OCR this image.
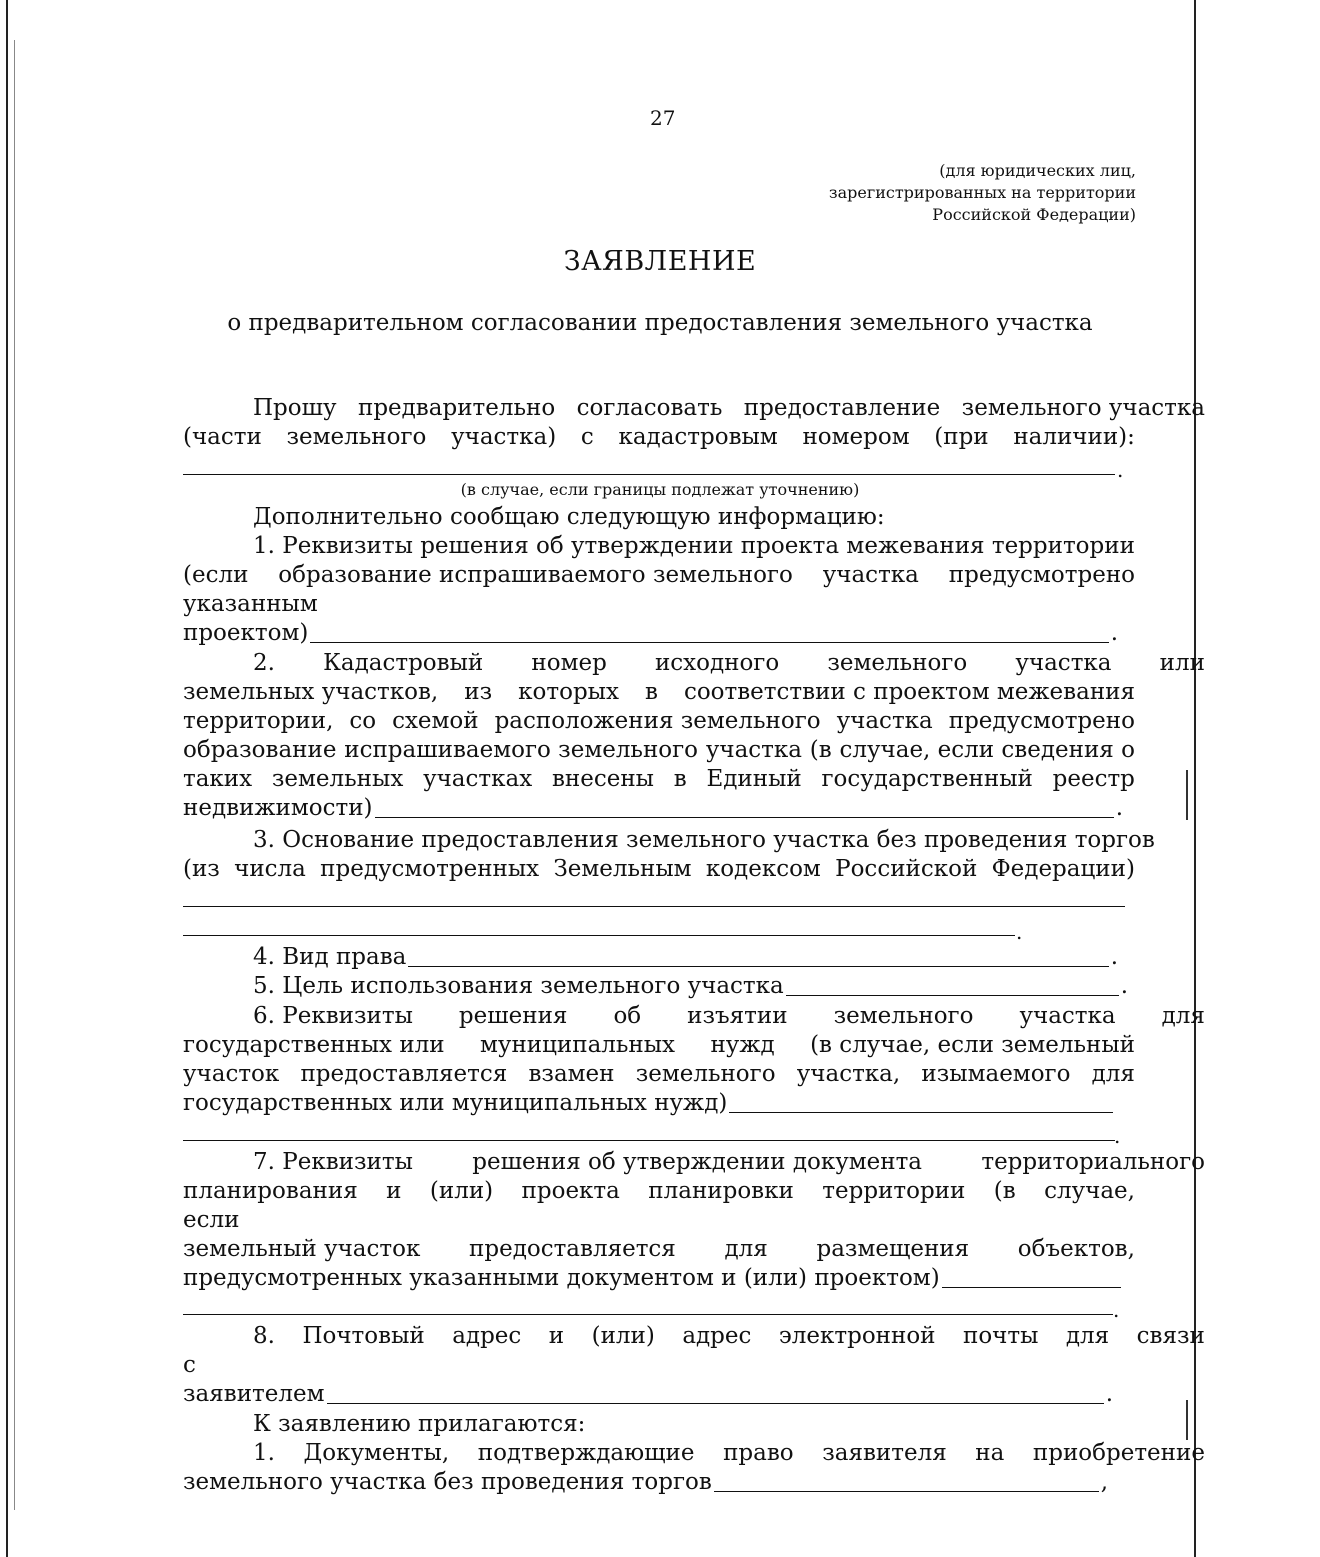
27
(для юридических лиц,
зарегистрированных на территории
Российской Федерации)
ЗАЯВЛЕНИЕ
о предварительном согласовании предоставления земельного участка
Прошу предварительно согласовать предоставление земельного участка
(части земельного участка) с кадастровым номером (при наличии):
.
(в случае, если границы подлежат уточнению)
Дополнительно сообщаю следующую информацию:
1. Реквизиты решения об утверждении проекта межевания территории
(если образование испрашиваемого земельного участка предусмотрено
указанным
проектом)	.
2. Кадастровый номер исходного земельного участка или
земельных участков, из которых в соответствии с проектом межевания
территории, со схемой расположения земельного участка предусмотрено
образование испрашиваемого земельного участка (в случае, если сведения о
таких земельных участках внесены в Единый государственный реестр
недвижимости)	.
3. Основание предоставления земельного участка без проведения торгов
(из числа предусмотренных Земельным кодексом Российской Федерации)
.
4. Вид права	.
5. Цель использования земельного участка	.
6. Реквизиты решения об изъятии земельного участка для
государственных или муниципальных нужд (в случае, если земельный
участок предоставляется взамен земельного участка, изымаемого для
государственных или муниципальных нужд)
.
7. Реквизиты	решения об утверждении документа	территориального
планирования и (или) проекта планировки территории (в случае,
если
земельный участок предоставляется для размещения объектов,
предусмотренных указанными документом и (или) проектом)
.
8. Почтовый адрес и (или) адрес электронной почты для связи
с
заявителем	.
К заявлению прилагаются:
1. Документы, подтверждающие право заявителя на приобретение
земельного участка без проведения торгов	,
